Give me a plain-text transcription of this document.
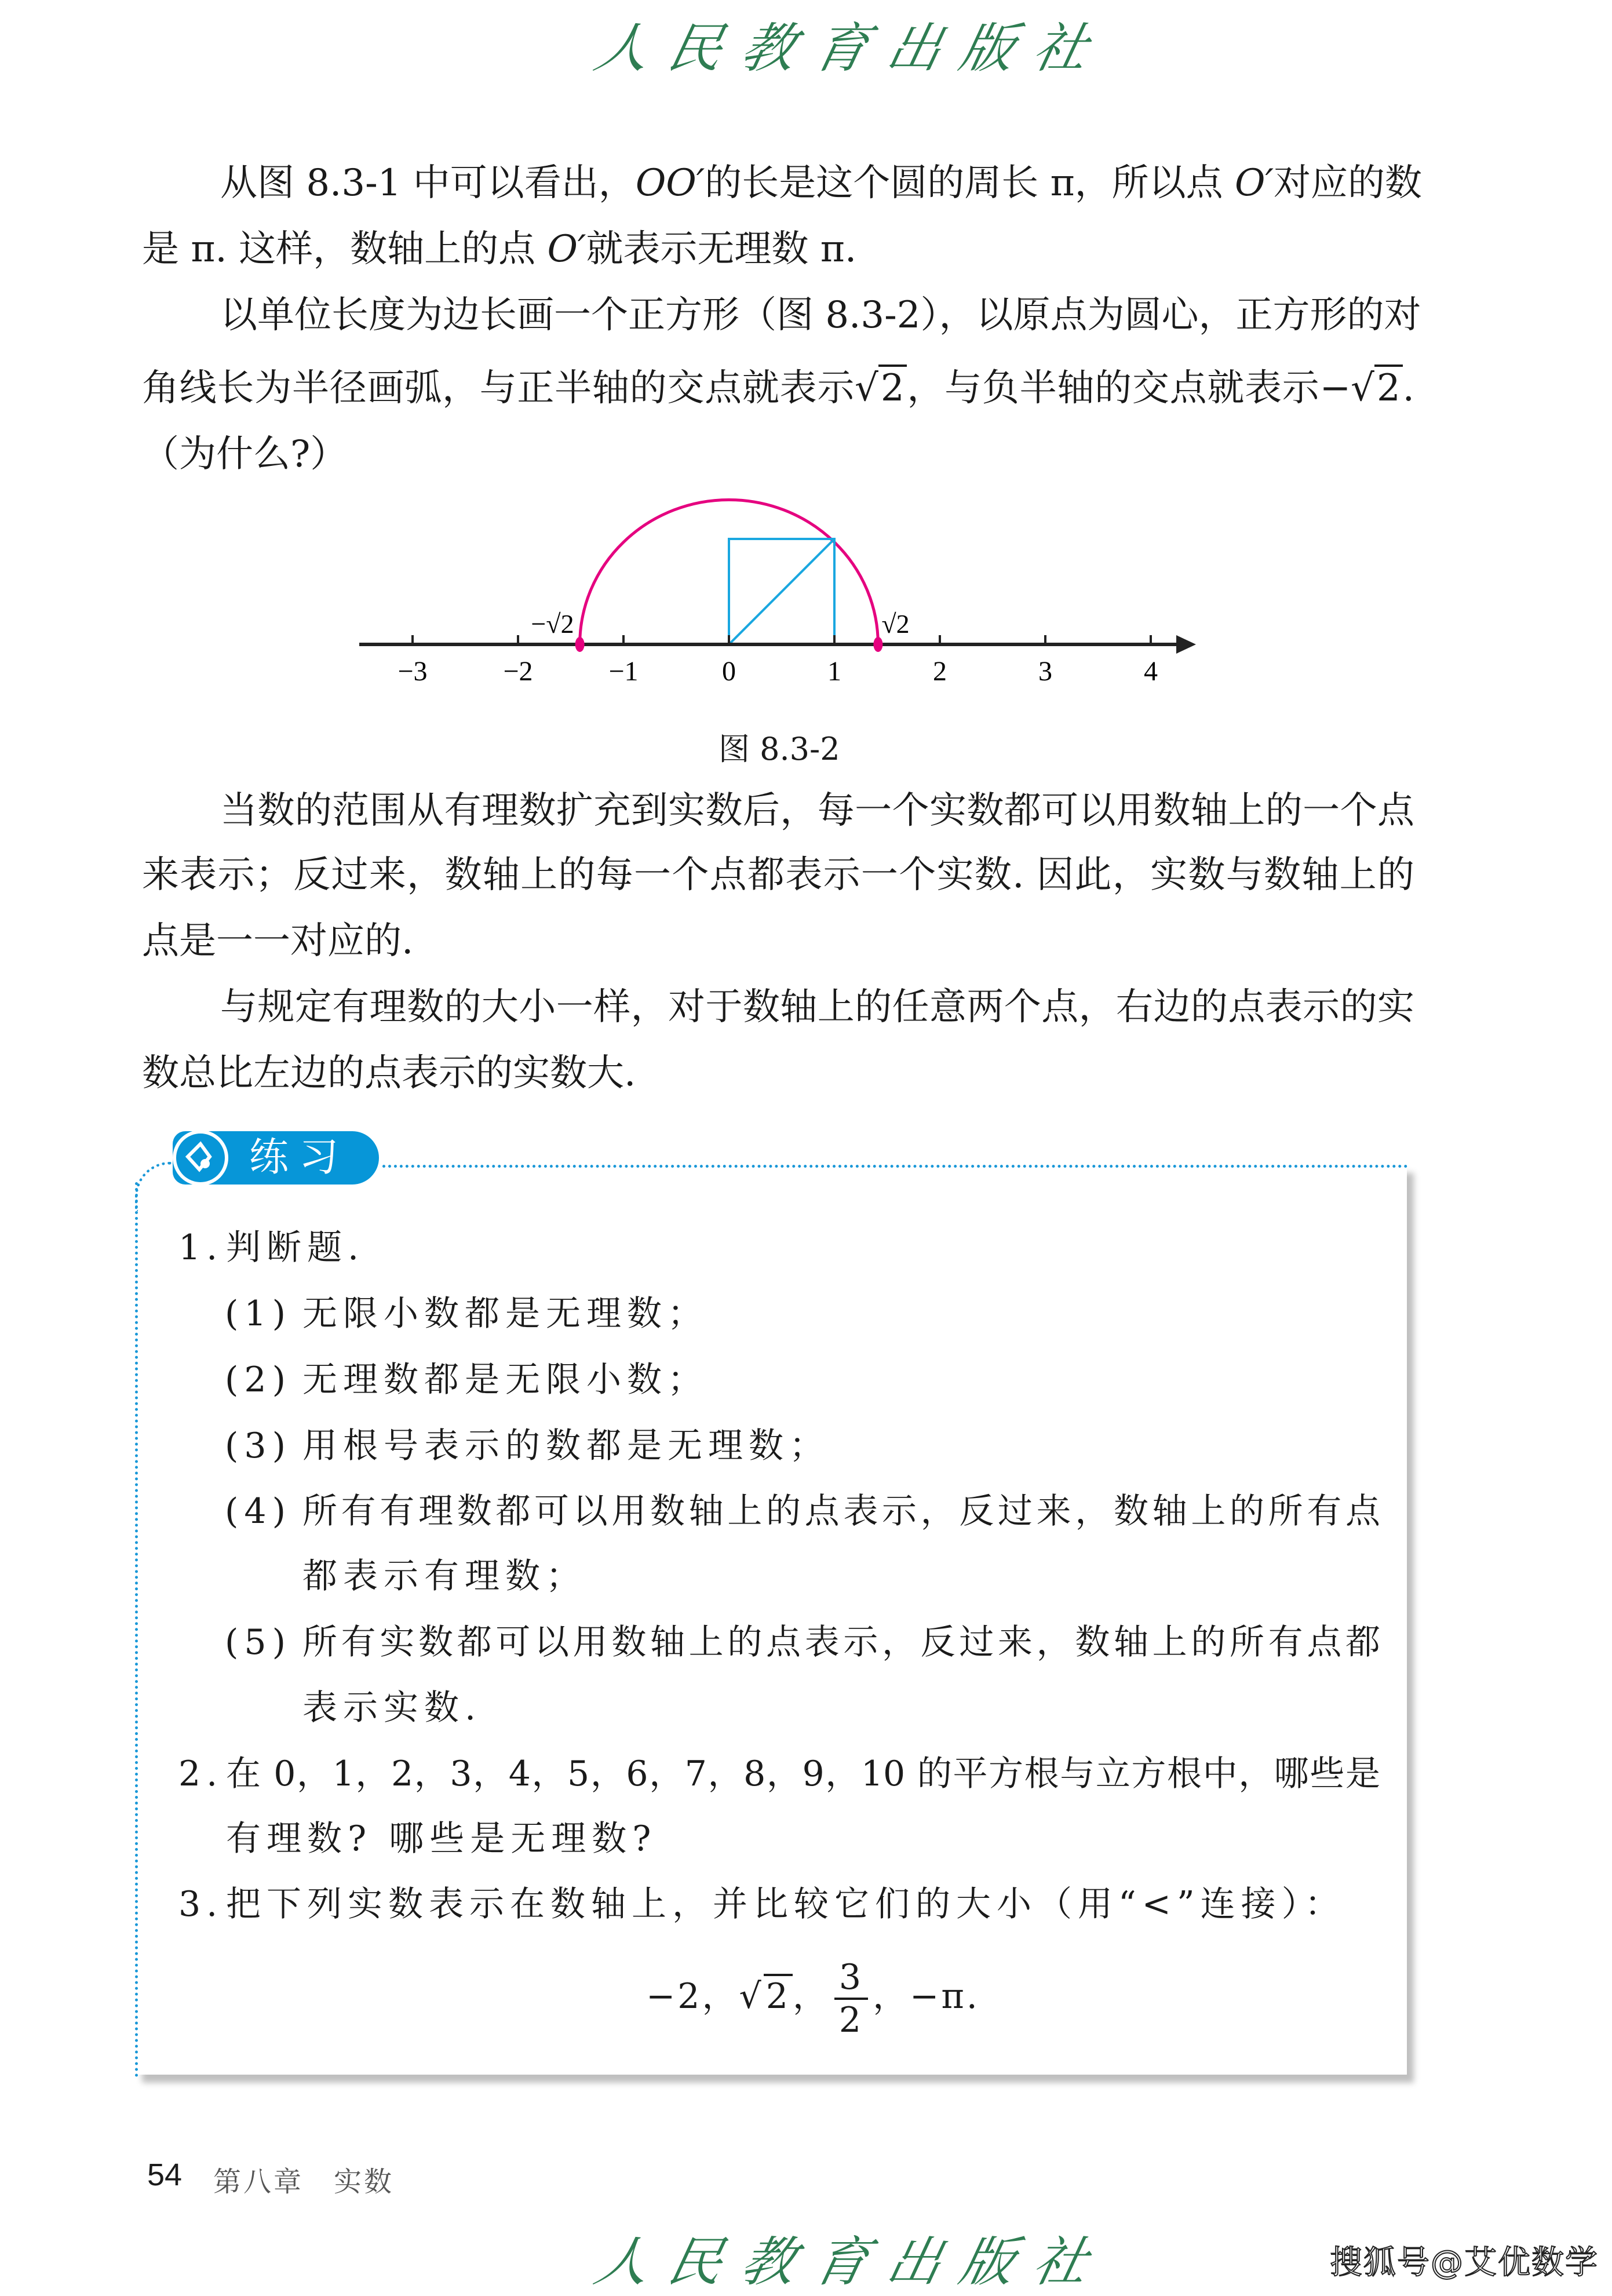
人民教育出版社
从图 8.3-1 中可以看出，OO′的长是这个圆的周长 π，所以点 O′对应的数
是 π. 这样，数轴上的点 O′就表示无理数 π.
以单位长度为边长画一个正方形（图 8.3-2），以原点为圆心，正方形的对
角线长为半径画弧，与正半轴的交点就表示√2，与负半轴的交点就表示−√2.
（为什么?）
−3	−2	−1	0	1	2	3	4
−√2	√2
图 8.3-2
当数的范围从有理数扩充到实数后，每一个实数都可以用数轴上的一个点
来表示；反过来，数轴上的每一个点都表示一个实数. 因此，实数与数轴上的
点是一一对应的.
与规定有理数的大小一样，对于数轴上的任意两个点，右边的点表示的实
数总比左边的点表示的实数大.
练习
1. 判断题.
(1) 无限小数都是无理数；
(2) 无理数都是无限小数；
(3) 用根号表示的数都是无理数；
(4) 所有有理数都可以用数轴上的点表示，反过来，数轴上的所有点
都表示有理数；
(5) 所有实数都可以用数轴上的点表示，反过来，数轴上的所有点都
表示实数.
2. 在 0，1，2，3，4，5，6，7，8，9，10 的平方根与立方根中，哪些是
有理数? 哪些是无理数?
3. 把下列实数表示在数轴上，并比较它们的大小（用“<”连接）：
−2，√2， $\frac{3}{2}$ ，−π.
54 第八章　实数
人民教育出版社	搜狐号@艾优数学
